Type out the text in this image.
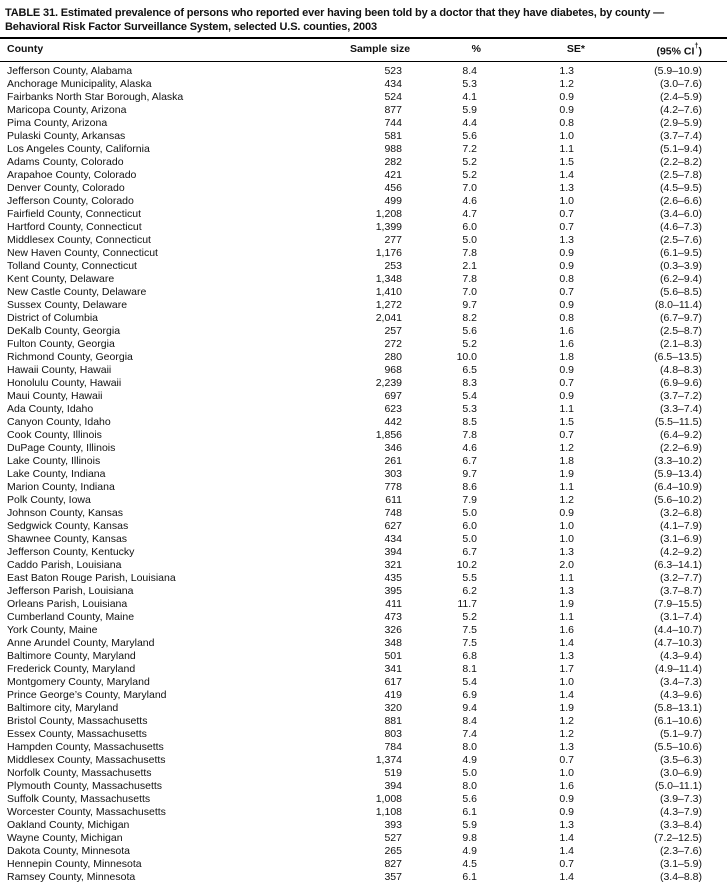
TABLE 31. Estimated prevalence of persons who reported ever having been told by a doctor that they have diabetes, by county —
Behavioral Risk Factor Surveillance System, selected U.S. counties, 2003
County	Sample size	%	SE*	(95% CI†)
Jefferson County, Alabama	523	8.4	1.3	(5.9–10.9)
Anchorage Municipality, Alaska	434	5.3	1.2	(3.0–7.6)
Fairbanks North Star Borough, Alaska	524	4.1	0.9	(2.4–5.9)
Maricopa County, Arizona	877	5.9	0.9	(4.2–7.6)
Pima County, Arizona	744	4.4	0.8	(2.9–5.9)
Pulaski County, Arkansas	581	5.6	1.0	(3.7–7.4)
Los Angeles County, California	988	7.2	1.1	(5.1–9.4)
Adams County, Colorado	282	5.2	1.5	(2.2–8.2)
Arapahoe County, Colorado	421	5.2	1.4	(2.5–7.8)
Denver County, Colorado	456	7.0	1.3	(4.5–9.5)
Jefferson County, Colorado	499	4.6	1.0	(2.6–6.6)
Fairfield County, Connecticut	1,208	4.7	0.7	(3.4–6.0)
Hartford County, Connecticut	1,399	6.0	0.7	(4.6–7.3)
Middlesex County, Connecticut	277	5.0	1.3	(2.5–7.6)
New Haven County, Connecticut	1,176	7.8	0.9	(6.1–9.5)
Tolland County, Connecticut	253	2.1	0.9	(0.3–3.9)
Kent County, Delaware	1,348	7.8	0.8	(6.2–9.4)
New Castle County, Delaware	1,410	7.0	0.7	(5.6–8.5)
Sussex County, Delaware	1,272	9.7	0.9	(8.0–11.4)
District of Columbia	2,041	8.2	0.8	(6.7–9.7)
DeKalb County, Georgia	257	5.6	1.6	(2.5–8.7)
Fulton County, Georgia	272	5.2	1.6	(2.1–8.3)
Richmond County, Georgia	280	10.0	1.8	(6.5–13.5)
Hawaii County, Hawaii	968	6.5	0.9	(4.8–8.3)
Honolulu County, Hawaii	2,239	8.3	0.7	(6.9–9.6)
Maui County, Hawaii	697	5.4	0.9	(3.7–7.2)
Ada County, Idaho	623	5.3	1.1	(3.3–7.4)
Canyon County, Idaho	442	8.5	1.5	(5.5–11.5)
Cook County, Illinois	1,856	7.8	0.7	(6.4–9.2)
DuPage County, Illinois	346	4.6	1.2	(2.2–6.9)
Lake County, Illinois	261	6.7	1.8	(3.3–10.2)
Lake County, Indiana	303	9.7	1.9	(5.9–13.4)
Marion County, Indiana	778	8.6	1.1	(6.4–10.9)
Polk County, Iowa	611	7.9	1.2	(5.6–10.2)
Johnson County, Kansas	748	5.0	0.9	(3.2–6.8)
Sedgwick County, Kansas	627	6.0	1.0	(4.1–7.9)
Shawnee County, Kansas	434	5.0	1.0	(3.1–6.9)
Jefferson County, Kentucky	394	6.7	1.3	(4.2–9.2)
Caddo Parish, Louisiana	321	10.2	2.0	(6.3–14.1)
East Baton Rouge Parish, Louisiana	435	5.5	1.1	(3.2–7.7)
Jefferson Parish, Louisiana	395	6.2	1.3	(3.7–8.7)
Orleans Parish, Louisiana	411	11.7	1.9	(7.9–15.5)
Cumberland County, Maine	473	5.2	1.1	(3.1–7.4)
York County, Maine	326	7.5	1.6	(4.4–10.7)
Anne Arundel County, Maryland	348	7.5	1.4	(4.7–10.3)
Baltimore County, Maryland	501	6.8	1.3	(4.3–9.4)
Frederick County, Maryland	341	8.1	1.7	(4.9–11.4)
Montgomery County, Maryland	617	5.4	1.0	(3.4–7.3)
Prince George’s County, Maryland	419	6.9	1.4	(4.3–9.6)
Baltimore city, Maryland	320	9.4	1.9	(5.8–13.1)
Bristol County, Massachusetts	881	8.4	1.2	(6.1–10.6)
Essex County, Massachusetts	803	7.4	1.2	(5.1–9.7)
Hampden County, Massachusetts	784	8.0	1.3	(5.5–10.6)
Middlesex County, Massachusetts	1,374	4.9	0.7	(3.5–6.3)
Norfolk County, Massachusetts	519	5.0	1.0	(3.0–6.9)
Plymouth County, Massachusetts	394	8.0	1.6	(5.0–11.1)
Suffolk County, Massachusetts	1,008	5.6	0.9	(3.9–7.3)
Worcester County, Massachusetts	1,108	6.1	0.9	(4.3–7.9)
Oakland County, Michigan	393	5.9	1.3	(3.3–8.4)
Wayne County, Michigan	527	9.8	1.4	(7.2–12.5)
Dakota County, Minnesota	265	4.9	1.4	(2.3–7.6)
Hennepin County, Minnesota	827	4.5	0.7	(3.1–5.9)
Ramsey County, Minnesota	357	6.1	1.4	(3.4–8.8)
